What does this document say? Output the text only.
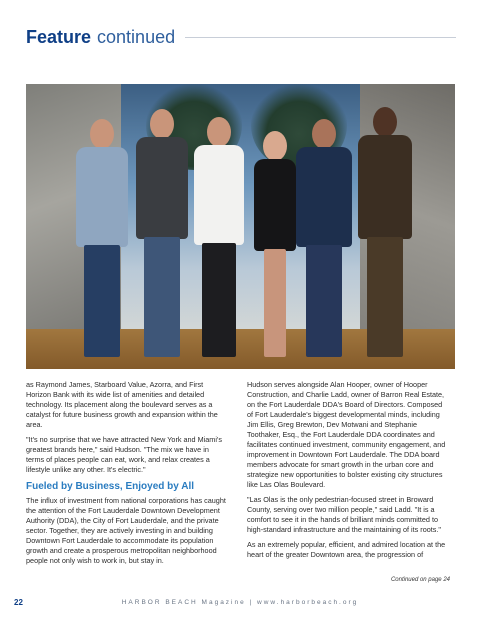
Feature continued

as Raymond James, Starboard Value, Azorra, and First Horizon Bank with its wide list of amenities and detailed technology. Its placement along the boulevard serves as a catalyst for future business growth and expansion within the area.

"It's no surprise that we have attracted New York and Miami's greatest brands here," said Hudson. "The mix we have in terms of places people can eat, work, and relax creates a lifestyle unlike any other. It's electric."

Fueled by Business, Enjoyed by All

The influx of investment from national corporations has caught the attention of the Fort Lauderdale Downtown Development Authority (DDA), the City of Fort Lauderdale, and the private sector. Together, they are actively investing in and building Downtown Fort Lauderdale to accommodate its population growth and create a prosperous metropolitan neighborhood people not only wish to work in, but stay in.

Hudson serves alongside Alan Hooper, owner of Hooper Construction, and Charlie Ladd, owner of Barron Real Estate, on the Fort Lauderdale DDA's Board of Directors. Composed of Fort Lauderdale's biggest developmental minds, including Jim Ellis, Greg Brewton, Dev Motwani and Stephanie Toothaker, Esq., the Fort Lauderdale DDA coordinates and facilitates continued investment, community engagement, and improvement in Downtown Fort Lauderdale. The DDA board members advocate for smart growth in the urban core and strategize new opportunities to bolster existing city structures like Las Olas Boulevard.

"Las Olas is the only pedestrian-focused street in Broward County, serving over two million people," said Ladd. "It is a comfort to see it in the hands of brilliant minds committed to high-standard infrastructure and the maintaining of its roots."

As an extremely popular, efficient, and admired location at the heart of the greater Downtown area, the progression of

Continued on page 24
22	HARBOR BEACH Magazine | www.harborbeach.org
